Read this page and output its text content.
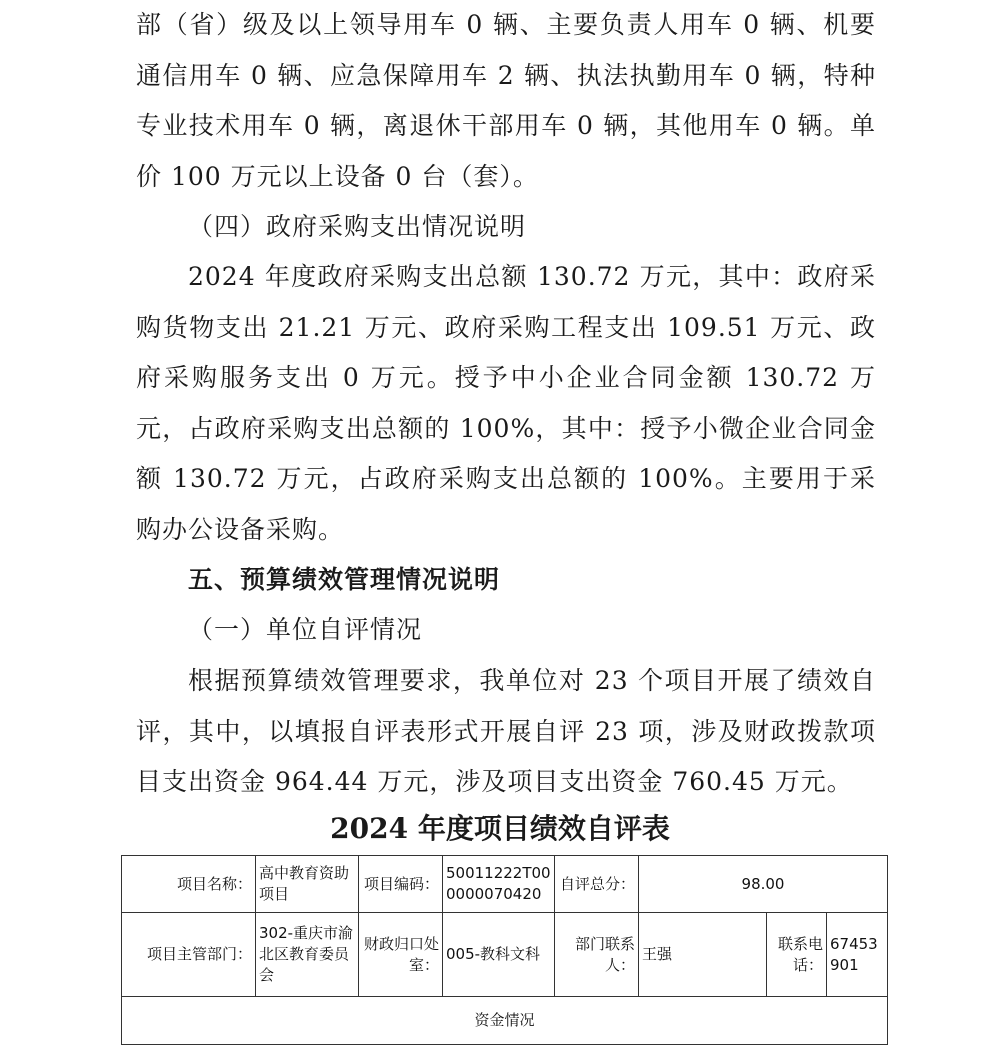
部（省）级及以上领导用车 0 辆、主要负责人用车 0 辆、机要通信用车 0 辆、应急保障用车 2 辆、执法执勤用车 0 辆，特种专业技术用车 0 辆，离退休干部用车 0 辆，其他用车 0 辆。单价 100 万元以上设备 0 台（套）。

（四）政府采购支出情况说明

2024 年度政府采购支出总额 130.72 万元，其中：政府采购货物支出 21.21 万元、政府采购工程支出 109.51 万元、政府采购服务支出 0 万元。授予中小企业合同金额 130.72 万元，占政府采购支出总额的 100%，其中：授予小微企业合同金额 130.72 万元，占政府采购支出总额的 100%。主要用于采购办公设备采购。

五、预算绩效管理情况说明

（一）单位自评情况

根据预算绩效管理要求，我单位对 23 个项目开展了绩效自评，其中，以填报自评表形式开展自评 23 项，涉及财政拨款项目支出资金 964.44 万元，涉及项目支出资金 760.45 万元。

2024 年度项目绩效自评表
项目名称：	高中教育资助项目	项目编码：	50011222T000000070420	自评总分：	98.00		
项目主管部门：	302-重庆市渝北区教育委员会	财政归口处室：	005-教科文科	部门联系人：	王强	联系电话：	67453901
资金情况							
